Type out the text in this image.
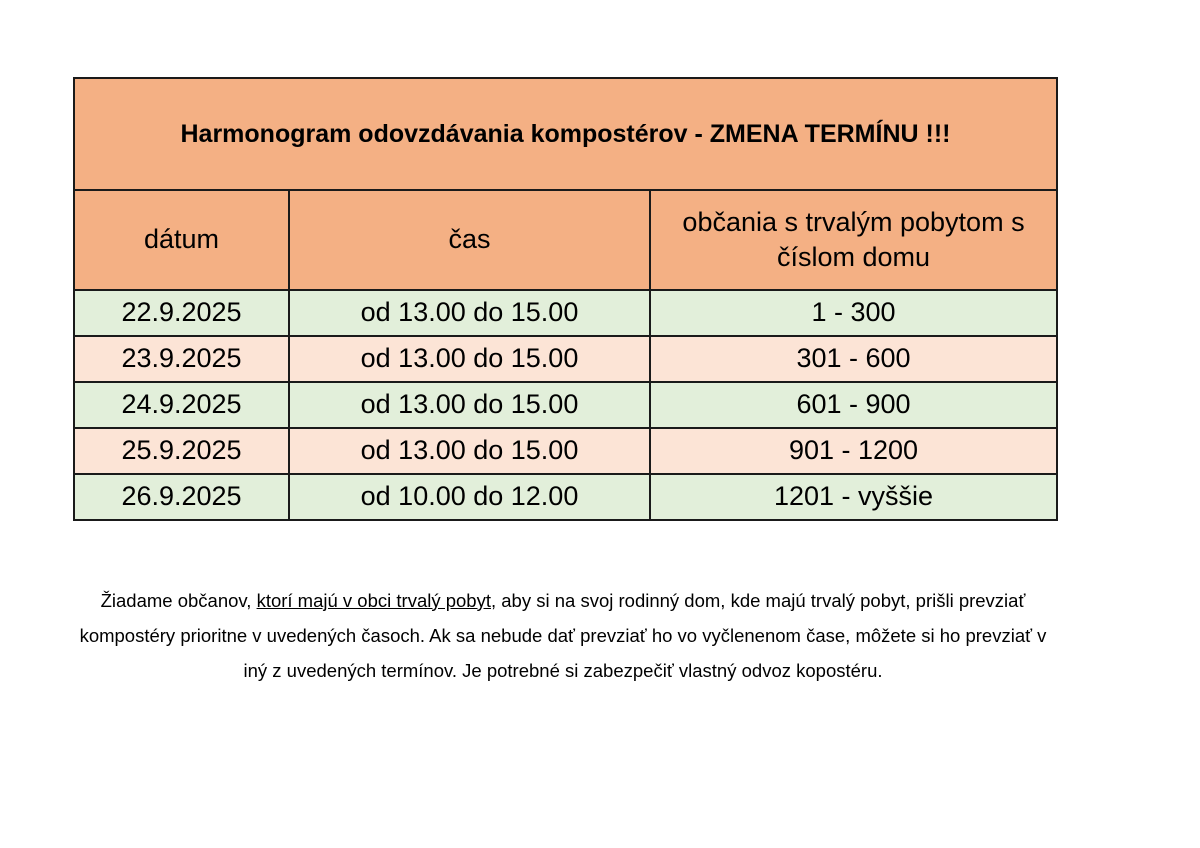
Harmonogram odovzdávania kompostérov - ZMENA TERMÍNU !!!		
dátum	čas	občania s trvalým pobytom s číslom domu
22.9.2025	od 13.00 do 15.00	1 - 300
23.9.2025	od 13.00 do 15.00	301 - 600
24.9.2025	od 13.00 do 15.00	601 - 900
25.9.2025	od 13.00 do 15.00	901 - 1200
26.9.2025	od 10.00 do 12.00	1201 - vyššie

Žiadame občanov, ktorí majú v obci trvalý pobyt, aby si na svoj rodinný dom, kde majú trvalý pobyt, prišli prevziať kompostéry prioritne v uvedených časoch. Ak sa nebude dať prevziať ho vo vyčlenenom čase, môžete si ho prevziať v iný z uvedených termínov. Je potrebné si zabezpečiť vlastný odvoz kopostéru.
